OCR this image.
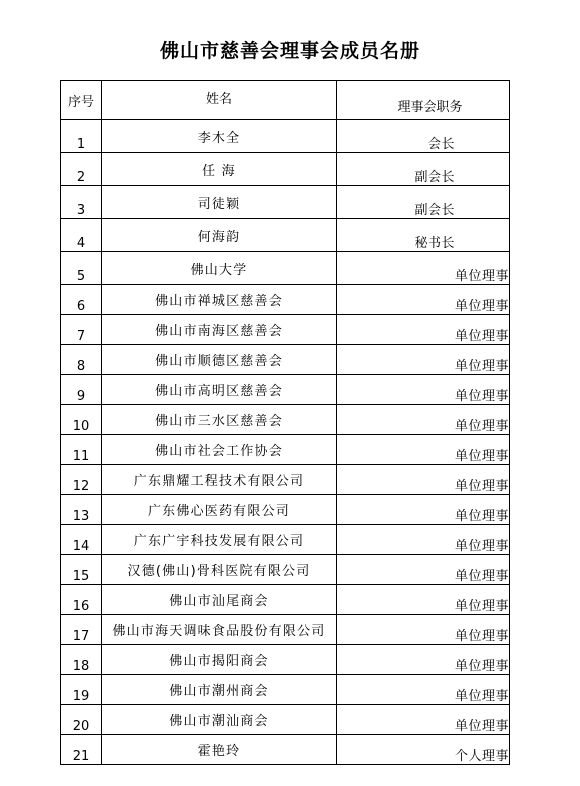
佛山市慈善会理事会成员名册
序号	姓名	理事会职务
1	李木全	会长
2	任 海	副会长
3	司徒颖	副会长
4	何海韵	秘书长
5	佛山大学	单位理事
6	佛山市禅城区慈善会	单位理事
7	佛山市南海区慈善会	单位理事
8	佛山市顺德区慈善会	单位理事
9	佛山市高明区慈善会	单位理事
10	佛山市三水区慈善会	单位理事
11	佛山市社会工作协会	单位理事
12	广东鼎耀工程技术有限公司	单位理事
13	广东佛心医药有限公司	单位理事
14	广东广宇科技发展有限公司	单位理事
15	汉德(佛山)骨科医院有限公司	单位理事
16	佛山市汕尾商会	单位理事
17	佛山市海天调味食品股份有限公司	单位理事
18	佛山市揭阳商会	单位理事
19	佛山市潮州商会	单位理事
20	佛山市潮汕商会	单位理事
21	霍艳玲	个人理事
